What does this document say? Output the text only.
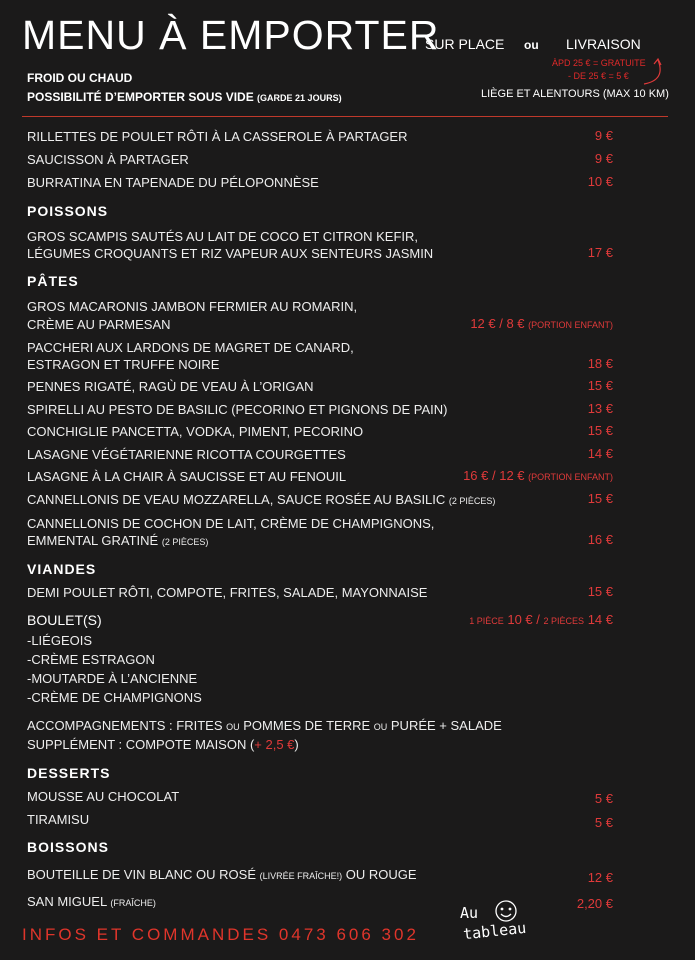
MENU À EMPORTER
SUR PLACE ou LIVRAISON
ÀPD 25 € = GRATUITE
- DE 25 € = 5 €
LIÈGE ET ALENTOURS (MAX 10 KM)
FROID OU CHAUD
POSSIBILITÉ D’EMPORTER SOUS VIDE (GARDE 21 JOURS)
RILLETTES DE POULET RÔTI À LA CASSEROLE À PARTAGER	9 €
SAUCISSON À PARTAGER	9 €
BURRATINA EN TAPENADE DU PÉLOPONNÈSE	10 €
POISSONS
GROS SCAMPIS SAUTÉS AU LAIT DE COCO ET CITRON KEFIR,
LÉGUMES CROQUANTS ET RIZ VAPEUR AUX SENTEURS JASMIN	17 €
PÂTES
GROS MACARONIS JAMBON FERMIER AU ROMARIN,
CRÈME AU PARMESAN	12 € / 8 € (PORTION ENFANT)
PACCHERI AUX LARDONS DE MAGRET DE CANARD,
ESTRAGON ET TRUFFE NOIRE	18 €
PENNES RIGATÉ, RAGÙ DE VEAU À L’ORIGAN	15 €
SPIRELLI AU PESTO DE BASILIC (PECORINO ET PIGNONS DE PAIN)	13 €
CONCHIGLIE PANCETTA, VODKA, PIMENT, PECORINO	15 €
LASAGNE VÉGÉTARIENNE RICOTTA COURGETTES	14 €
LASAGNE À LA CHAIR À SAUCISSE ET AU FENOUIL	16 € / 12 € (PORTION ENFANT)
CANNELLONIS DE VEAU MOZZARELLA, SAUCE ROSÉE AU BASILIC (2 PIÈCES)	15 €
CANNELLONIS DE COCHON DE LAIT, CRÈME DE CHAMPIGNONS,
EMMENTAL GRATINÉ (2 PIÈCES)	16 €
VIANDES
DEMI POULET RÔTI, COMPOTE, FRITES, SALADE, MAYONNAISE	15 €
BOULET(S)	1 PIÈCE 10 € / 2 PIÈCES 14 €
-LIÉGEOIS
-CRÈME ESTRAGON
-MOUTARDE À L’ANCIENNE
-CRÈME DE CHAMPIGNONS
ACCOMPAGNEMENTS : FRITES OU POMMES DE TERRE OU PURÉE + SALADE
SUPPLÉMENT : COMPOTE MAISON (+ 2,5 €)
DESSERTS
MOUSSE AU CHOCOLAT	5 €
TIRAMISU	5 €
BOISSONS
BOUTEILLE DE VIN BLANC OU ROSÉ (LIVRÉE FRAÎCHE!) OU ROUGE	12 €
SAN MIGUEL (FRAÎCHE)	2,20 €
INFOS ET COMMANDES 0473 606 302
Au
tableau
